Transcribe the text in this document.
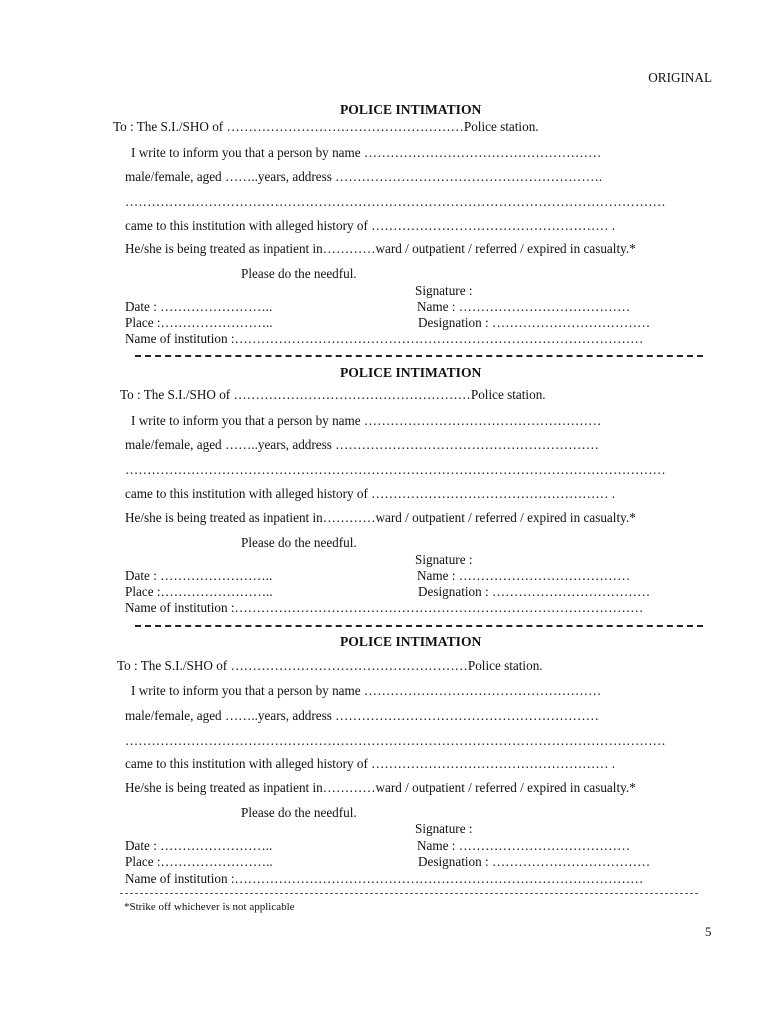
ORIGINAL
POLICE INTIMATION
To : The S.I./SHO of ………………………………………………Police station.
I write to inform you that a person by name ………………………………………………
male/female, aged ……..years, address …………………………………………………….
……………………………………………………………………………………………………………
came to this institution with alleged history of ……………………………………………… .
He/she is being treated as inpatient in…………ward / outpatient / referred / expired in casualty.*
Please do the needful.
Signature :
Date : ……………………..	Name : …………………………………
Place :……………………..	Designation : ………………………………
Name of institution :…………………………………………………………………………………
POLICE INTIMATION
To : The S.I./SHO of ………………………………………………Police station.
I write to inform you that a person by name ………………………………………………
male/female, aged ……..years, address ……………………………………………………
……………………………………………………………………………………………………………
came to this institution with alleged history of ……………………………………………… .
He/she is being treated as inpatient in…………ward / outpatient / referred / expired in casualty.*
Please do the needful.
Signature :
Date : ……………………..	Name : …………………………………
Place :……………………..	Designation : ………………………………
Name of institution :…………………………………………………………………………………
POLICE INTIMATION
To : The S.I./SHO of ………………………………………………Police station.
I write to inform you that a person by name ………………………………………………
male/female, aged ……..years, address ……………………………………………………
……………………………………………………………………………………………………………
came to this institution with alleged history of ……………………………………………… .
He/she is being treated as inpatient in…………ward / outpatient / referred / expired in casualty.*
Please do the needful.
Signature :
Date : ……………………..	Name : …………………………………
Place :……………………..	Designation : ………………………………
Name of institution :…………………………………………………………………………………
*Strike off whichever is not applicable
5
